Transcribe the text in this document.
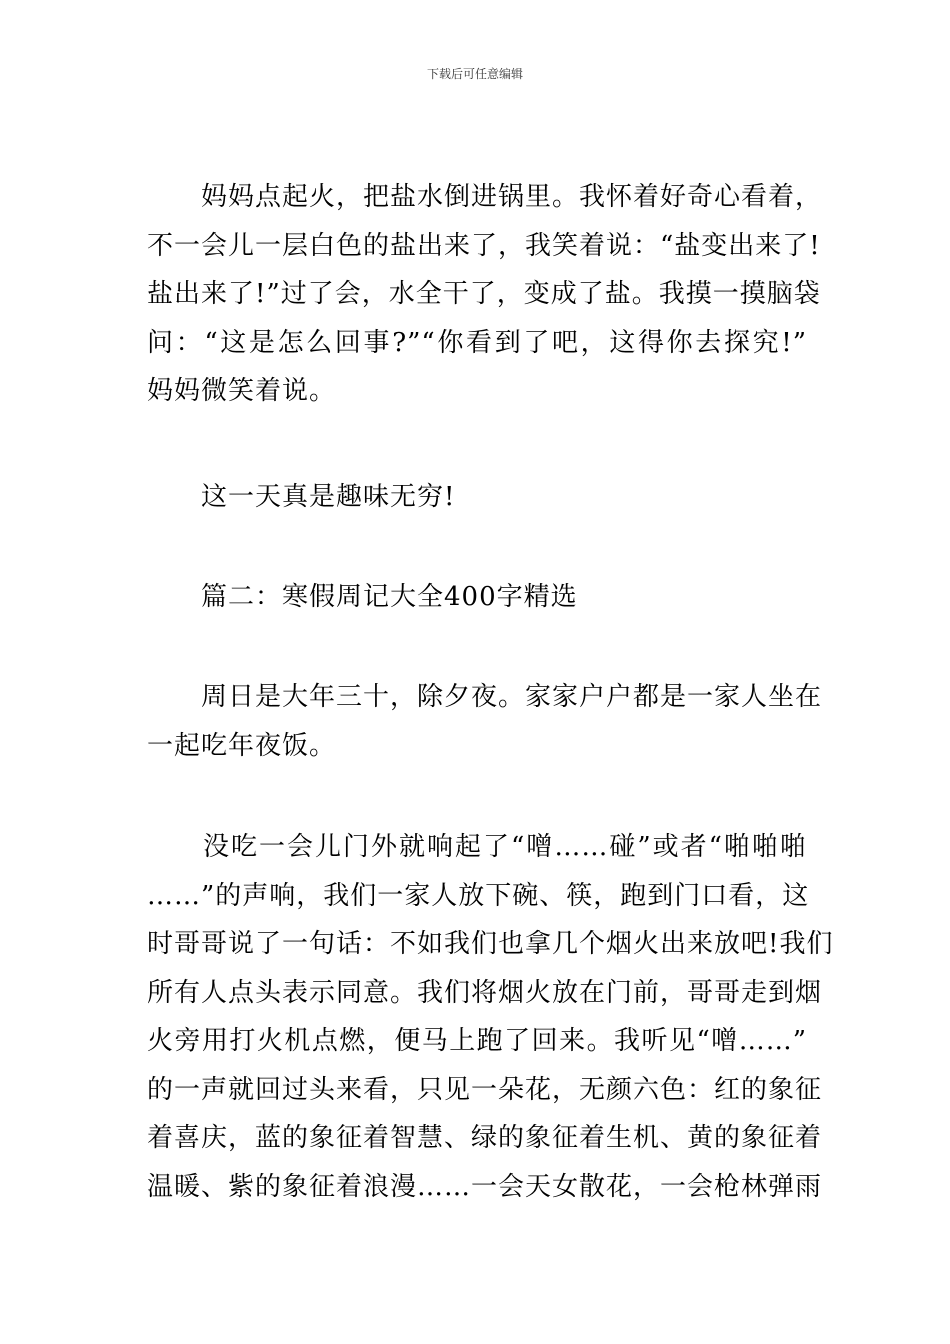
下载后可任意编辑
　　妈妈点起火，把盐水倒进锅里。我怀着好奇心看着，
不一会儿一层白色的盐出来了，我笑着说：“盐变出来了!
盐出来了!”过了会，水全干了，变成了盐。我摸一摸脑袋
问：“这是怎么回事?”“你看到了吧，这得你去探究!”
妈妈微笑着说。
　　这一天真是趣味无穷!
　　篇二：寒假周记大全400字精选
　　周日是大年三十，除夕夜。家家户户都是一家人坐在
一起吃年夜饭。
　　没吃一会儿门外就响起了“噌……碰”或者“啪啪啪
……”的声响，我们一家人放下碗、筷，跑到门口看，这
时哥哥说了一句话：不如我们也拿几个烟火出来放吧!我们
所有人点头表示同意。我们将烟火放在门前，哥哥走到烟
火旁用打火机点燃，便马上跑了回来。我听见“噌……”
的一声就回过头来看，只见一朵花，无颜六色：红的象征
着喜庆，蓝的象征着智慧、绿的象征着生机、黄的象征着
温暖、紫的象征着浪漫……一会天女散花，一会枪林弹雨
